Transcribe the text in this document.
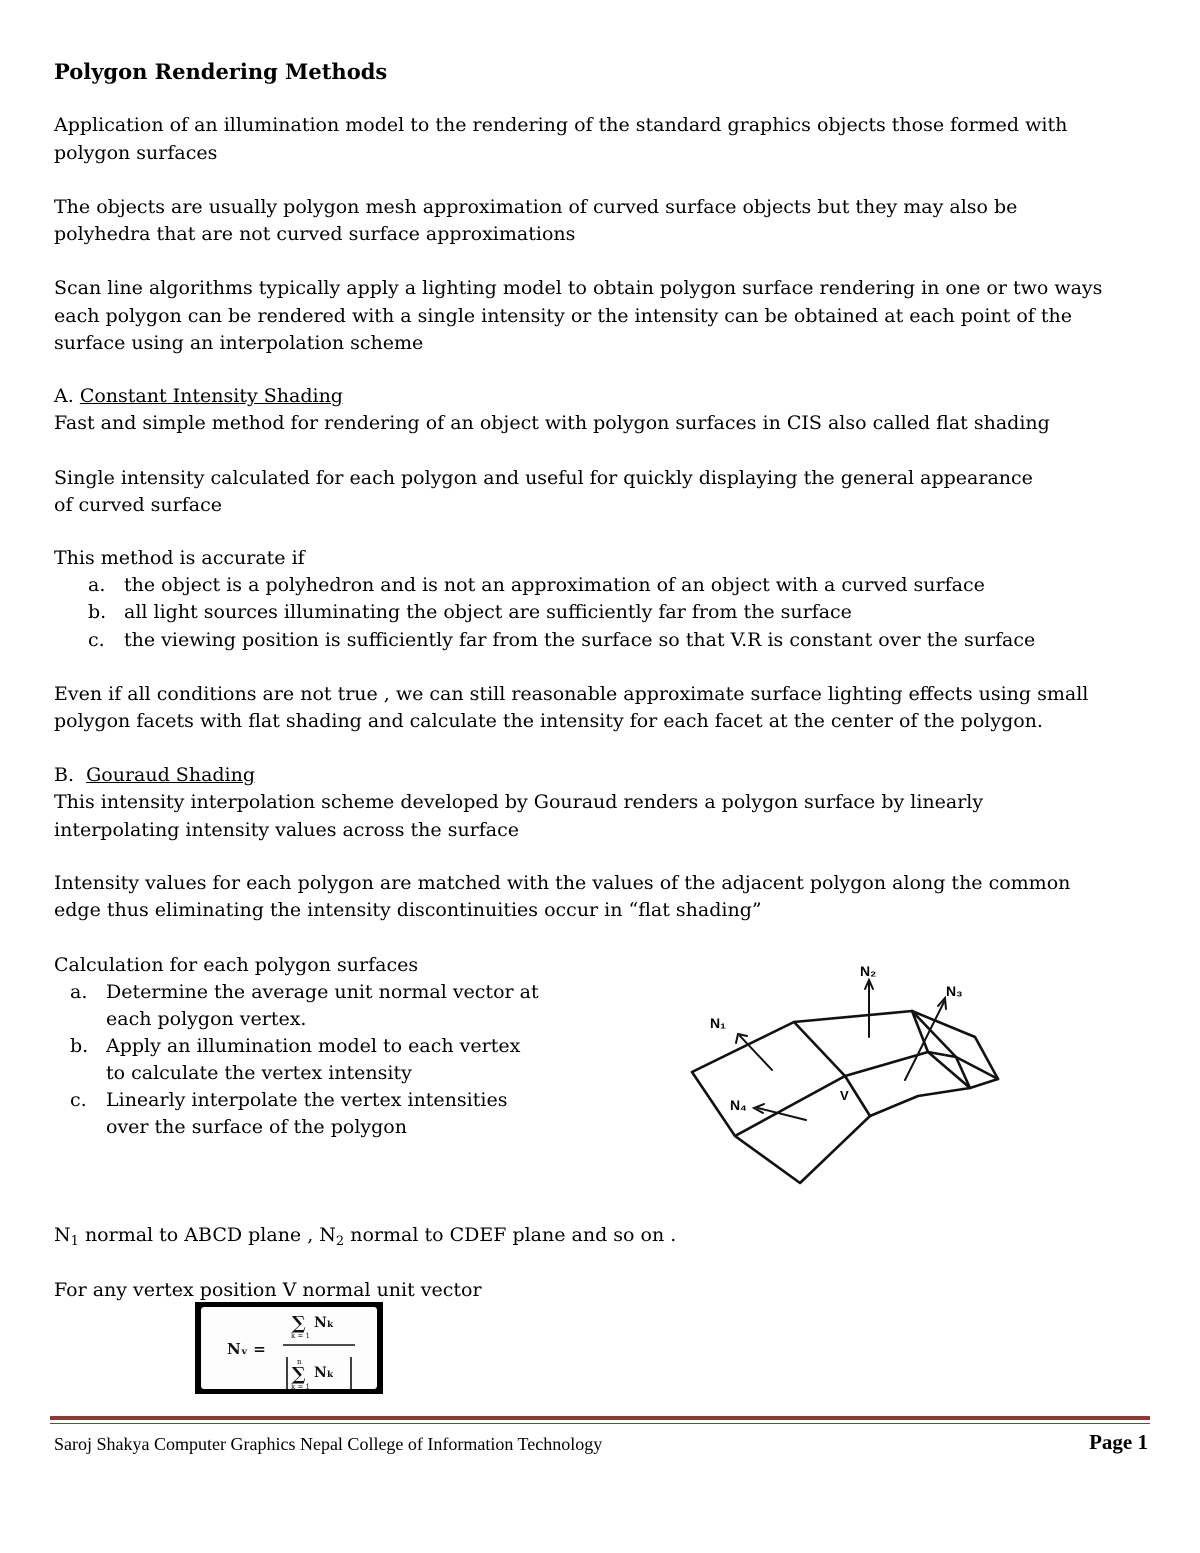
Polygon Rendering Methods

Application of an illumination model to the rendering of the standard graphics objects those formed with

polygon surfaces

The objects are usually polygon mesh approximation of curved surface objects but they may also be

polyhedra that are not curved surface approximations

Scan line algorithms typically apply a lighting model to obtain polygon surface rendering in one or two ways

each polygon can be rendered with a single intensity or the intensity can be obtained at each point of the

surface using an interpolation scheme

A. Constant Intensity Shading

Fast and simple method for rendering of an object with polygon surfaces in CIS also called flat shading

Single intensity calculated for each polygon and useful for quickly displaying the general appearance

of curved surface

This method is accurate if

a. the object is a polyhedron and is not an approximation of an object with a curved surface

b. all light sources illuminating the object are sufficiently far from the surface

c. the viewing position is sufficiently far from the surface so that V.R is constant over the surface

Even if all conditions are not true , we can still reasonable approximate surface lighting effects using small

polygon facets with flat shading and calculate the intensity for each facet at the center of the polygon.

B. Gouraud Shading

This intensity interpolation scheme developed by Gouraud renders a polygon surface by linearly

interpolating intensity values across the surface

Intensity values for each polygon are matched with the values of the adjacent polygon along the common

edge thus eliminating the intensity discontinuities occur in “flat shading”

Calculation for each polygon surfaces

a. Determine the average unit normal vector at

each polygon vertex.

b. Apply an illumination model to each vertex

to calculate the vertex intensity

c. Linearly interpolate the vertex intensities

over the surface of the polygon

N₁
N₂
N₃
N₄
V

$N_1$ normal to ABCD plane , $N_2$ normal to CDEF plane and so on .

For any vertex position V normal unit vector

Nᵥ =
∑ Nₖ
k = 1
n
∑ Nₖ
k = 1
Saroj Shakya Computer Graphics Nepal College of Information Technology	Page 1
